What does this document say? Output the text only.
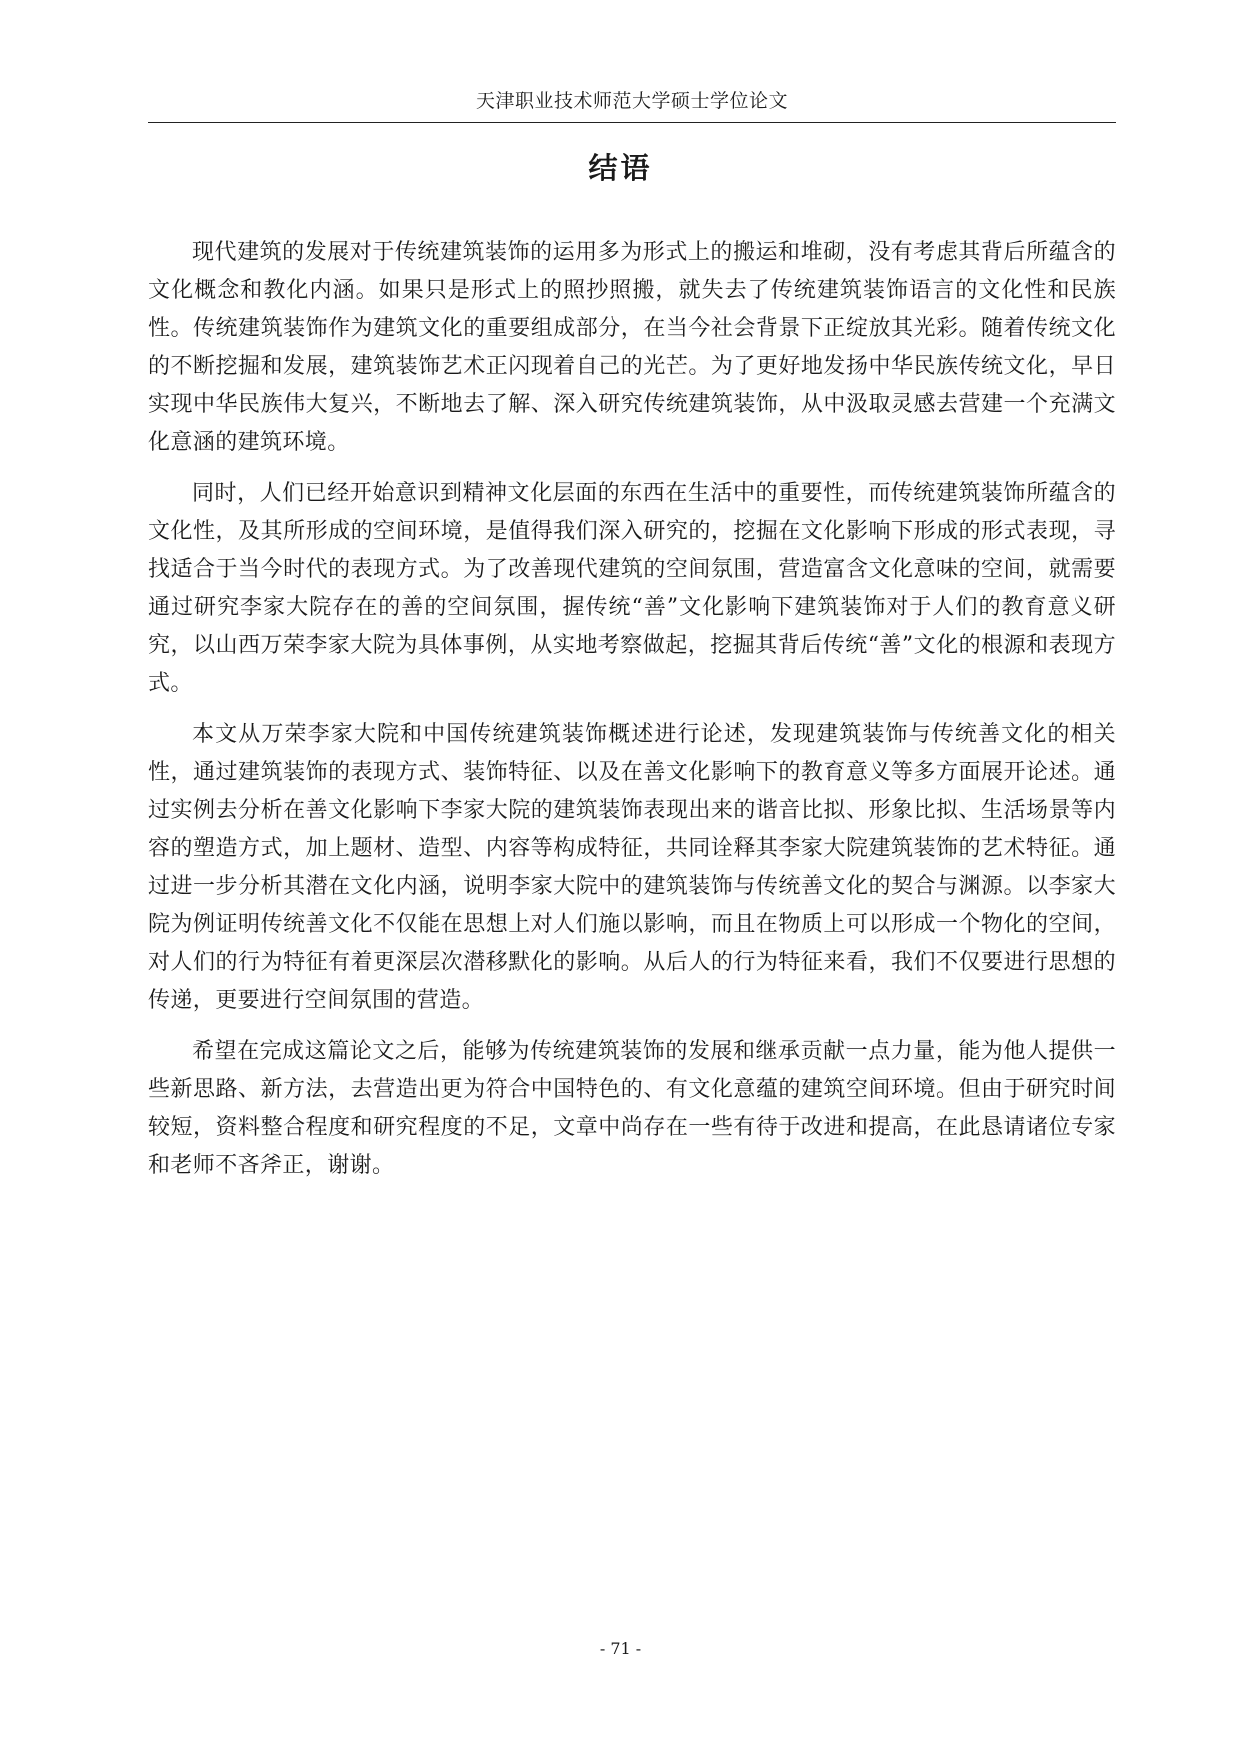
天津职业技术师范大学硕士学位论文
结语

现代建筑的发展对于传统建筑装饰的运用多为形式上的搬运和堆砌，没有考虑其背后所蕴含的文化概念和教化内涵。如果只是形式上的照抄照搬，就失去了传统建筑装饰语言的文化性和民族性。传统建筑装饰作为建筑文化的重要组成部分，在当今社会背景下正绽放其光彩。随着传统文化的不断挖掘和发展，建筑装饰艺术正闪现着自己的光芒。为了更好地发扬中华民族传统文化，早日实现中华民族伟大复兴，不断地去了解、深入研究传统建筑装饰，从中汲取灵感去营建一个充满文化意涵的建筑环境。

同时，人们已经开始意识到精神文化层面的东西在生活中的重要性，而传统建筑装饰所蕴含的文化性，及其所形成的空间环境，是值得我们深入研究的，挖掘在文化影响下形成的形式表现，寻找适合于当今时代的表现方式。为了改善现代建筑的空间氛围，营造富含文化意味的空间，就需要通过研究李家大院存在的善的空间氛围，握传统“善”文化影响下建筑装饰对于人们的教育意义研究，以山西万荣李家大院为具体事例，从实地考察做起，挖掘其背后传统“善”文化的根源和表现方式。

本文从万荣李家大院和中国传统建筑装饰概述进行论述，发现建筑装饰与传统善文化的相关性，通过建筑装饰的表现方式、装饰特征、以及在善文化影响下的教育意义等多方面展开论述。通过实例去分析在善文化影响下李家大院的建筑装饰表现出来的谐音比拟、形象比拟、生活场景等内容的塑造方式，加上题材、造型、内容等构成特征，共同诠释其李家大院建筑装饰的艺术特征。通过进一步分析其潜在文化内涵，说明李家大院中的建筑装饰与传统善文化的契合与渊源。以李家大院为例证明传统善文化不仅能在思想上对人们施以影响，而且在物质上可以形成一个物化的空间，对人们的行为特征有着更深层次潜移默化的影响。从后人的行为特征来看，我们不仅要进行思想的传递，更要进行空间氛围的营造。

希望在完成这篇论文之后，能够为传统建筑装饰的发展和继承贡献一点力量，能为他人提供一些新思路、新方法，去营造出更为符合中国特色的、有文化意蕴的建筑空间环境。但由于研究时间较短，资料整合程度和研究程度的不足，文章中尚存在一些有待于改进和提高，在此恳请诸位专家和老师不吝斧正，谢谢。

- 71 -
